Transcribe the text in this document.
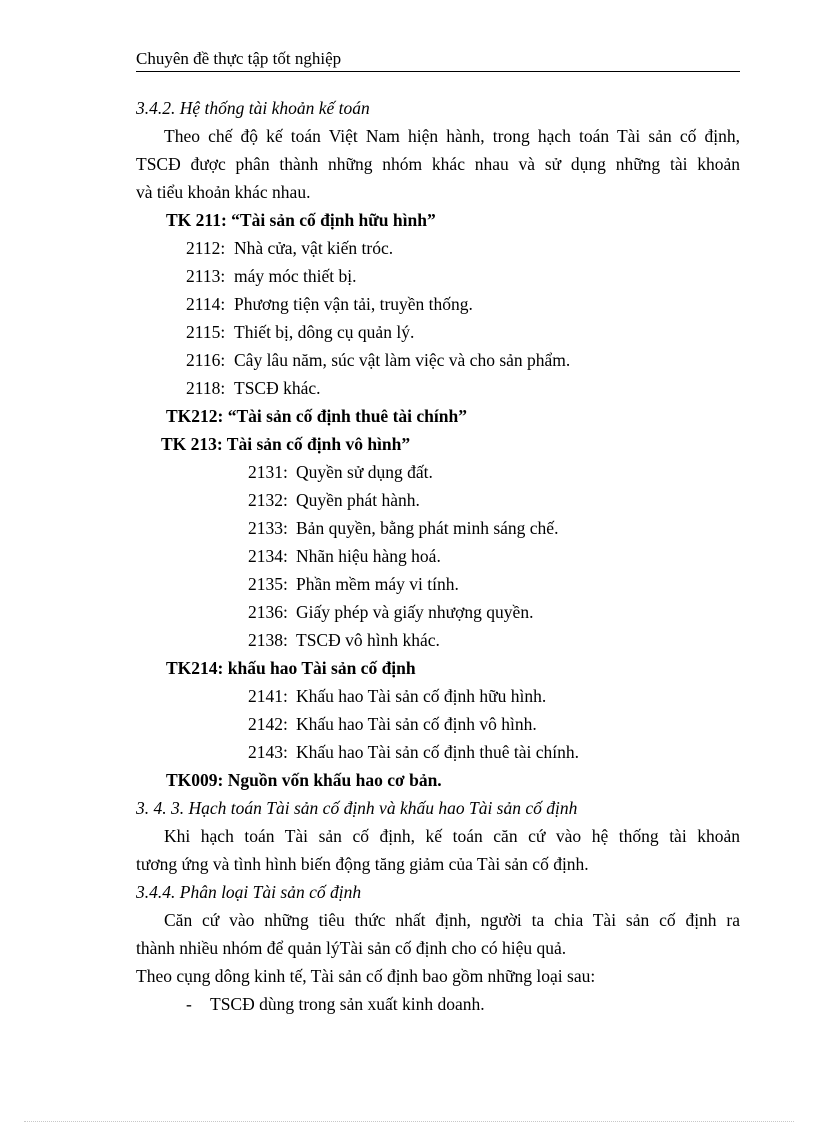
Chuyên đề thực tập tốt nghiệp
3.4.2. Hệ thống tài khoản kế toán
Theo chế độ kế toán Việt Nam hiện hành, trong hạch toán Tài sản cố định,
TSCĐ được phân thành những nhóm khác nhau và sử dụng những tài khoản
và tiểu khoản khác nhau.
TK 211: “Tài sản cố định hữu hình”
2112: Nhà cửa, vật kiến tróc.
2113: máy móc thiết bị.
2114: Phương tiện vận tải, truyền thống.
2115: Thiết bị, dông cụ quản lý.
2116: Cây lâu năm, súc vật làm việc và cho sản phẩm.
2118: TSCĐ khác.
TK212: “Tài sản cố định thuê tài chính”
TK 213: Tài sản cố định vô hình”
2131: Quyền sử dụng đất.
2132: Quyền phát hành.
2133: Bản quyền, bằng phát minh sáng chế.
2134: Nhãn hiệu hàng hoá.
2135: Phần mềm máy vi tính.
2136: Giấy phép và giấy nhượng quyền.
2138: TSCĐ vô hình khác.
TK214: khấu hao Tài sản cố định
2141: Khấu hao Tài sản cố định hữu hình.
2142: Khấu hao Tài sản cố định vô hình.
2143: Khấu hao Tài sản cố định thuê tài chính.
TK009: Nguồn vốn khấu hao cơ bản.
3. 4. 3. Hạch toán Tài sản cố định và khấu hao Tài sản cố định
Khi hạch toán Tài sản cố định, kế toán căn cứ vào hệ thống tài khoản
tương ứng và tình hình biến động tăng giảm của Tài sản cố định.
3.4.4. Phân loại Tài sản cố định
Căn cứ vào những tiêu thức nhất định, người ta chia Tài sản cố định ra
thành nhiều nhóm để quản lýTài sản cố định cho có hiệu quả.
Theo cụng dông kinh tế, Tài sản cố định bao gồm những loại sau:
- TSCĐ dùng trong sản xuất kinh doanh.
